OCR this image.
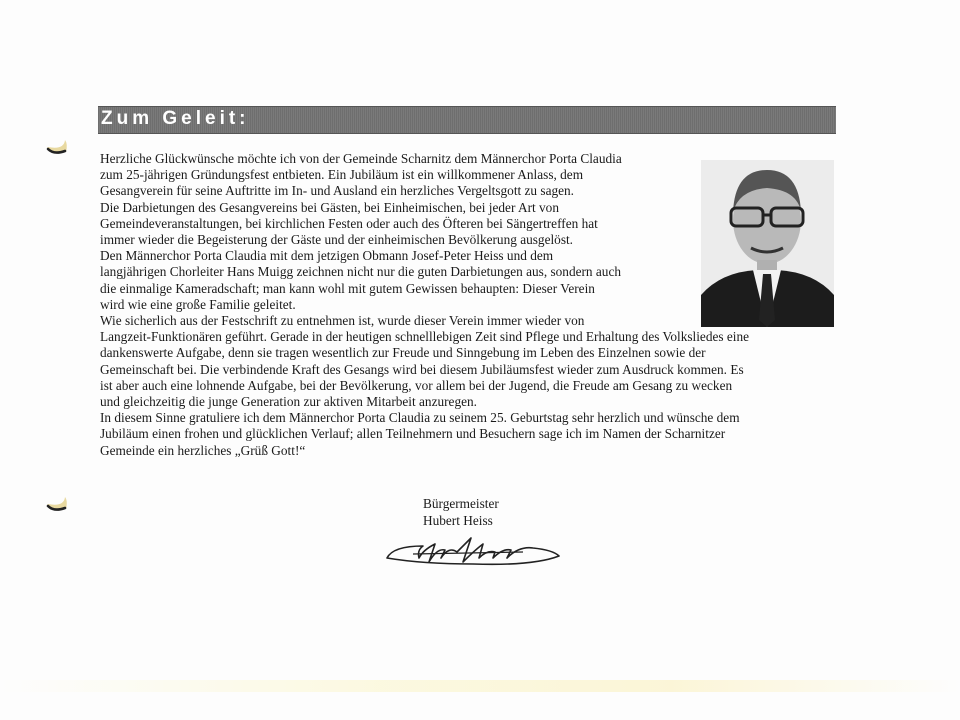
Zum Geleit:

Herzliche Glückwünsche möchte ich von der Gemeinde Scharnitz dem Männerchor Porta Claudia
zum 25-jährigen Gründungsfest entbieten. Ein Jubiläum ist ein willkommener Anlass, dem
Gesangverein für seine Auftritte im In- und Ausland ein herzliches Vergeltsgott zu sagen.

Die Darbietungen des Gesangvereins bei Gästen, bei Einheimischen, bei jeder Art von
Gemeindeveranstaltungen, bei kirchlichen Festen oder auch des Öfteren bei Sängertreffen hat
immer wieder die Begeisterung der Gäste und der einheimischen Bevölkerung ausgelöst.

Den Männerchor Porta Claudia mit dem jetzigen Obmann Josef-Peter Heiss und dem
langjährigen Chorleiter Hans Muigg zeichnen nicht nur die guten Darbietungen aus, sondern auch
die einmalige Kameradschaft; man kann wohl mit gutem Gewissen behaupten: Dieser Verein
wird wie eine große Familie geleitet.

Wie sicherlich aus der Festschrift zu entnehmen ist, wurde dieser Verein immer wieder von
Langzeit-Funktionären geführt. Gerade in der heutigen schnelllebigen Zeit sind Pflege und Erhaltung des Volksliedes eine
dankenswerte Aufgabe, denn sie tragen wesentlich zur Freude und Sinngebung im Leben des Einzelnen sowie der
Gemeinschaft bei. Die verbindende Kraft des Gesangs wird bei diesem Jubiläumsfest wieder zum Ausdruck kommen. Es
ist aber auch eine lohnende Aufgabe, bei der Bevölkerung, vor allem bei der Jugend, die Freude am Gesang zu wecken
und gleichzeitig die junge Generation zur aktiven Mitarbeit anzuregen.

In diesem Sinne gratuliere ich dem Männerchor Porta Claudia zu seinem 25. Geburtstag sehr herzlich und wünsche dem
Jubiläum einen frohen und glücklichen Verlauf; allen Teilnehmern und Besuchern sage ich im Namen der Scharnitzer
Gemeinde ein herzliches „Grüß Gott!“

Bürgermeister
Hubert Heiss
